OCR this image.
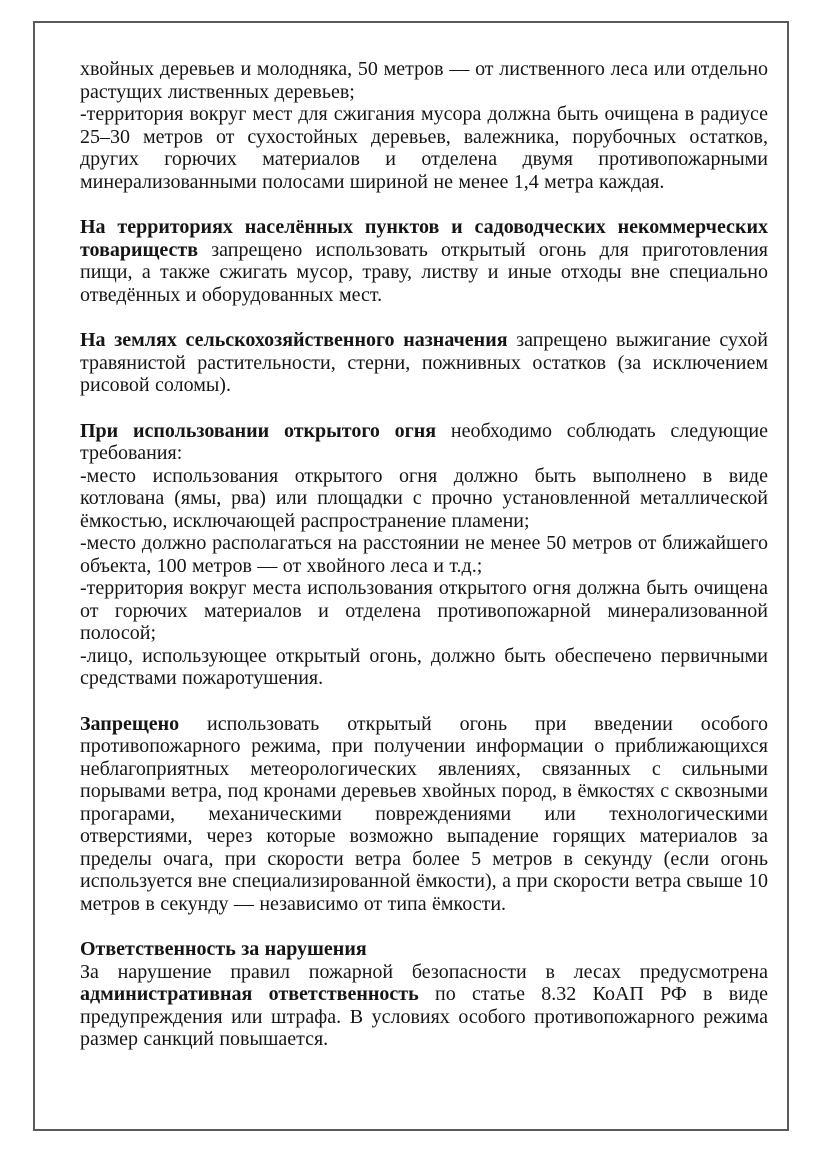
хвойных деревьев и молодняка, 50 метров — от лиственного леса или отдельно растущих лиственных деревьев;

-территория вокруг мест для сжигания мусора должна быть очищена в радиусе 25–30 метров от сухостойных деревьев, валежника, порубочных остатков, других горючих материалов и отделена двумя противопожарными минерализованными полосами шириной не менее 1,4 метра каждая.

На территориях населённых пунктов и садоводческих некоммерческих товариществ запрещено использовать открытый огонь для приготовления пищи, а также сжигать мусор, траву, листву и иные отходы вне специально отведённых и оборудованных мест.

На землях сельскохозяйственного назначения запрещено выжигание сухой травянистой растительности, стерни, пожнивных остатков (за исключением рисовой соломы).

При использовании открытого огня необходимо соблюдать следующие требования:

-место использования открытого огня должно быть выполнено в виде котлована (ямы, рва) или площадки с прочно установленной металлической ёмкостью, исключающей распространение пламени;

-место должно располагаться на расстоянии не менее 50 метров от ближайшего объекта, 100 метров — от хвойного леса и т.д.;

-территория вокруг места использования открытого огня должна быть очищена от горючих материалов и отделена противопожарной минерализованной полосой;

-лицо, использующее открытый огонь, должно быть обеспечено первичными средствами пожаротушения.

Запрещено использовать открытый огонь при введении особого противопожарного режима, при получении информации о приближающихся неблагоприятных метеорологических явлениях, связанных с сильными порывами ветра, под кронами деревьев хвойных пород, в ёмкостях с сквозными прогарами, механическими повреждениями или технологическими отверстиями, через которые возможно выпадение горящих материалов за пределы очага, при скорости ветра более 5 метров в секунду (если огонь используется вне специализированной ёмкости), а при скорости ветра свыше 10 метров в секунду — независимо от типа ёмкости.

Ответственность за нарушения

За нарушение правил пожарной безопасности в лесах предусмотрена административная ответственность по статье 8.32 КоАП РФ в виде предупреждения или штрафа. В условиях особого противопожарного режима размер санкций повышается.
